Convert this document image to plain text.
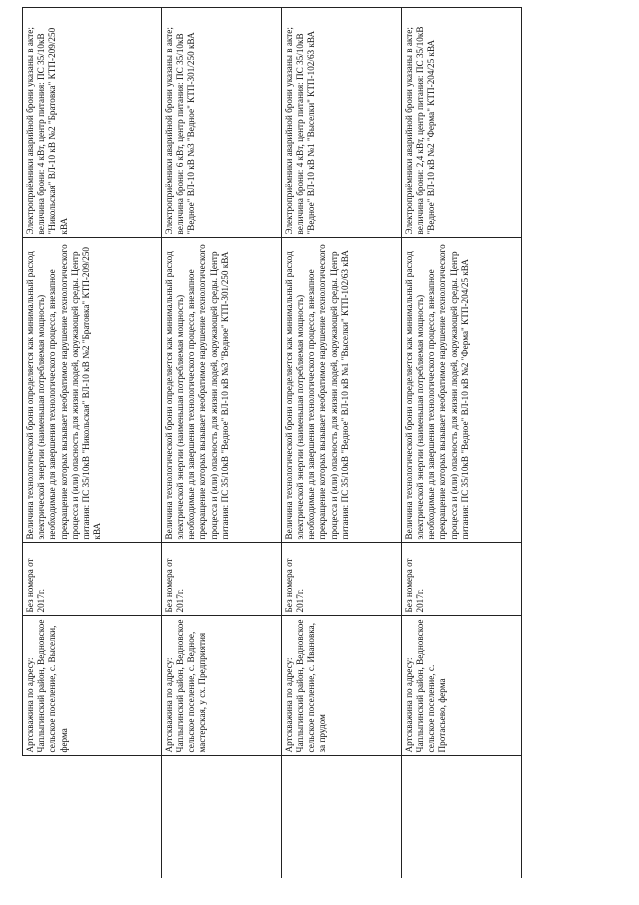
	Артскважина по адресу: Чаплыгинский район, Ведновское сельское поселение, с. Выселки, ферма	Без номера от 2017г.	Величина технологической брони определяется как минимальный расход электрической энергии (наименьшая потребляемая мощность) необходимые для завершения технологического процесса, внезапное прекращение которых вызывает необратимое нарушение технологического процесса и (или) опасность для жизни людей, окружающей среды. Центр питания: ПС 35/10кВ "Никольская" ВЛ-10 кВ №2 "Братовка" КТП-209/250 кВА	Электроприёмники аварийной брони указаны в акте; величина брони: 4 кВт, центр питания: ПС 35/10кВ "Никольская" ВЛ-10 кВ №2 "Братовка" КТП-209/250 кВА
	Артскважина по адресу: Чаплыгинский район, Ведновское сельское поселение, с. Ведное, мастерская, у сх. Предприятия	Без номера от 2017г.	Величина технологической брони определяется как минимальный расход электрической энергии (наименьшая потребляемая мощность) необходимые для завершения технологического процесса, внезапное прекращение которых вызывает необратимое нарушение технологического процесса и (или) опасность для жизни людей, окружающей среды. Центр питания: ПС 35/10кВ "Ведное" ВЛ-10 кВ №3 "Ведное" КТП-301/250 кВА	Электроприёмники аварийной брони указаны в акте; величина брони: 6 кВт, центр питания: ПС 35/10кВ "Ведное" ВЛ-10 кВ №3 "Ведное" КТП-301/250 кВА
	Артскважина по адресу: Чаплыгинский район, Ведновское сельское поселение, с. Ивановка, за прудом	Без номера от 2017г.	Величина технологической брони определяется как минимальный расход электрической энергии (наименьшая потребляемая мощность) необходимые для завершения технологического процесса, внезапное прекращение которых вызывает необратимое нарушение технологического процесса и (или) опасность для жизни людей, окружающей среды. Центр питания: ПС 35/10кВ "Ведное" ВЛ-10 кВ №1 "Выселки" КТП-102/63 кВА	Электроприёмники аварийной брони указаны в акте; величина брони: 4 кВт, центр питания: ПС 35/10кВ "Ведное" ВЛ-10 кВ №1 "Выселки" КТП-102/63 кВА
	Артскважина по адресу: Чаплыгинский район, Ведновское сельское поселение, с. Протасьево, ферма	Без номера от 2017г.	Величина технологической брони определяется как минимальный расход электрической энергии (наименьшая потребляемая мощность) необходимые для завершения технологического процесса, внезапное прекращение которых вызывает необратимое нарушение технологического процесса и (или) опасность для жизни людей, окружающей среды. Центр питания: ПС 35/10кВ "Ведное" ВЛ-10 кВ №2 "Ферма" КТП-204/25 кВА	Электроприёмники аварийной брони указаны в акте; величина брони: 2,4 кВт, центр питания: ПС 35/10кВ "Ведное" ВЛ-10 кВ №2 "Ферма" КТП-204/25 кВА
